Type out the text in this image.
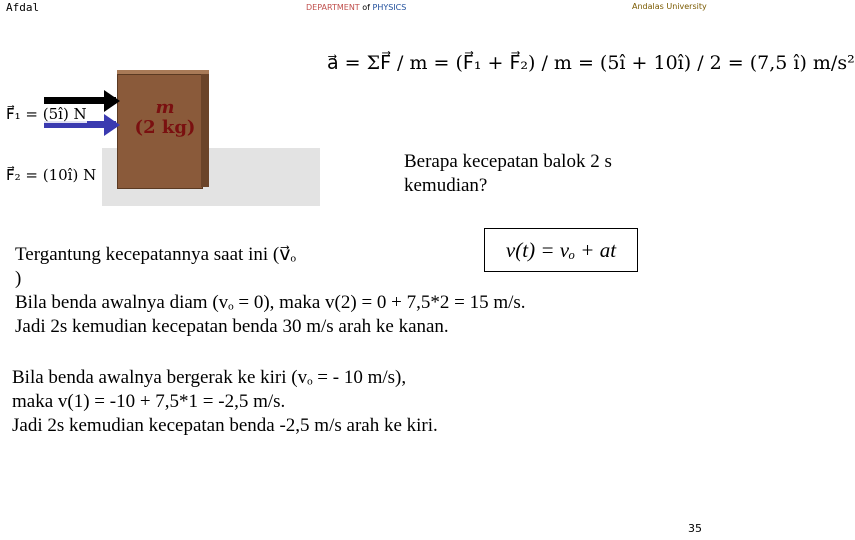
Afdal	DEPARTMENT of PHYSICS	Andalas University
m
(2 kg)
F⃗₁ = (5î) N
F⃗₂ = (10î) N
a⃗ = ΣF⃗ / m = (F⃗₁ + F⃗₂) / m = (5î + 10î) / 2 = (7,5 î) m/s²
Berapa kecepatan balok 2 s kemudian?
v(t) = vₒ + at
Tergantung kecepatannya saat ini (v⃗ₒ
)
Bila benda awalnya diam (vₒ = 0), maka v(2) = 0 + 7,5*2 = 15 m/s.
Jadi 2s kemudian kecepatan benda 30 m/s arah ke kanan.
Bila benda awalnya bergerak ke kiri (vₒ = - 10 m/s),
maka v(1) = -10 + 7,5*1 = -2,5 m/s.
Jadi 2s kemudian kecepatan benda -2,5 m/s arah ke kiri.
35
